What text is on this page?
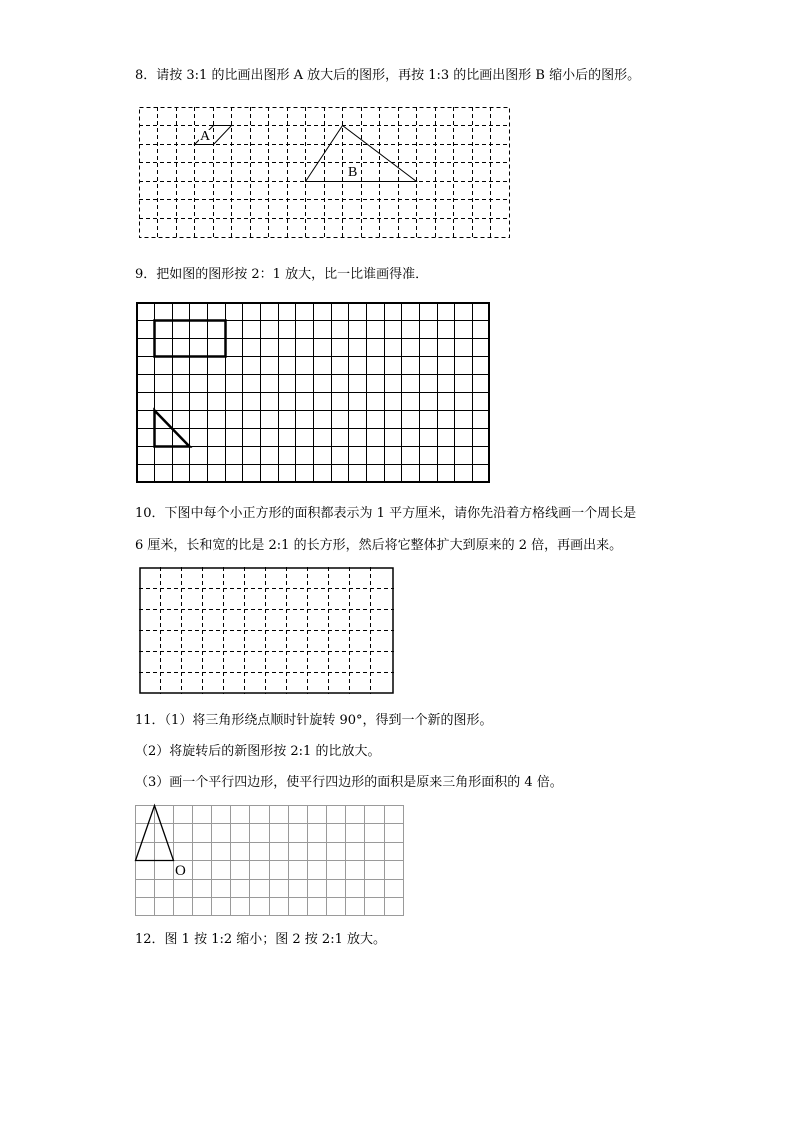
8．请按 3:1 的比画出图形 A 放大后的图形，再按 1:3 的比画出图形 B 缩小后的图形。
A
B
9．把如图的图形按 2：1 放大，比一比谁画得准．
10．下图中每个小正方形的面积都表示为 1 平方厘米，请你先沿着方格线画一个周长是
6 厘米，长和宽的比是 2:1 的长方形，然后将它整体扩大到原来的 2 倍，再画出来。
11．（1）将三角形绕点顺时针旋转 90°，得到一个新的图形。
（2）将旋转后的新图形按 2:1 的比放大。
（3）画一个平行四边形，使平行四边形的面积是原来三角形面积的 4 倍。
O
12．图 1 按 1:2 缩小；图 2 按 2:1 放大。
